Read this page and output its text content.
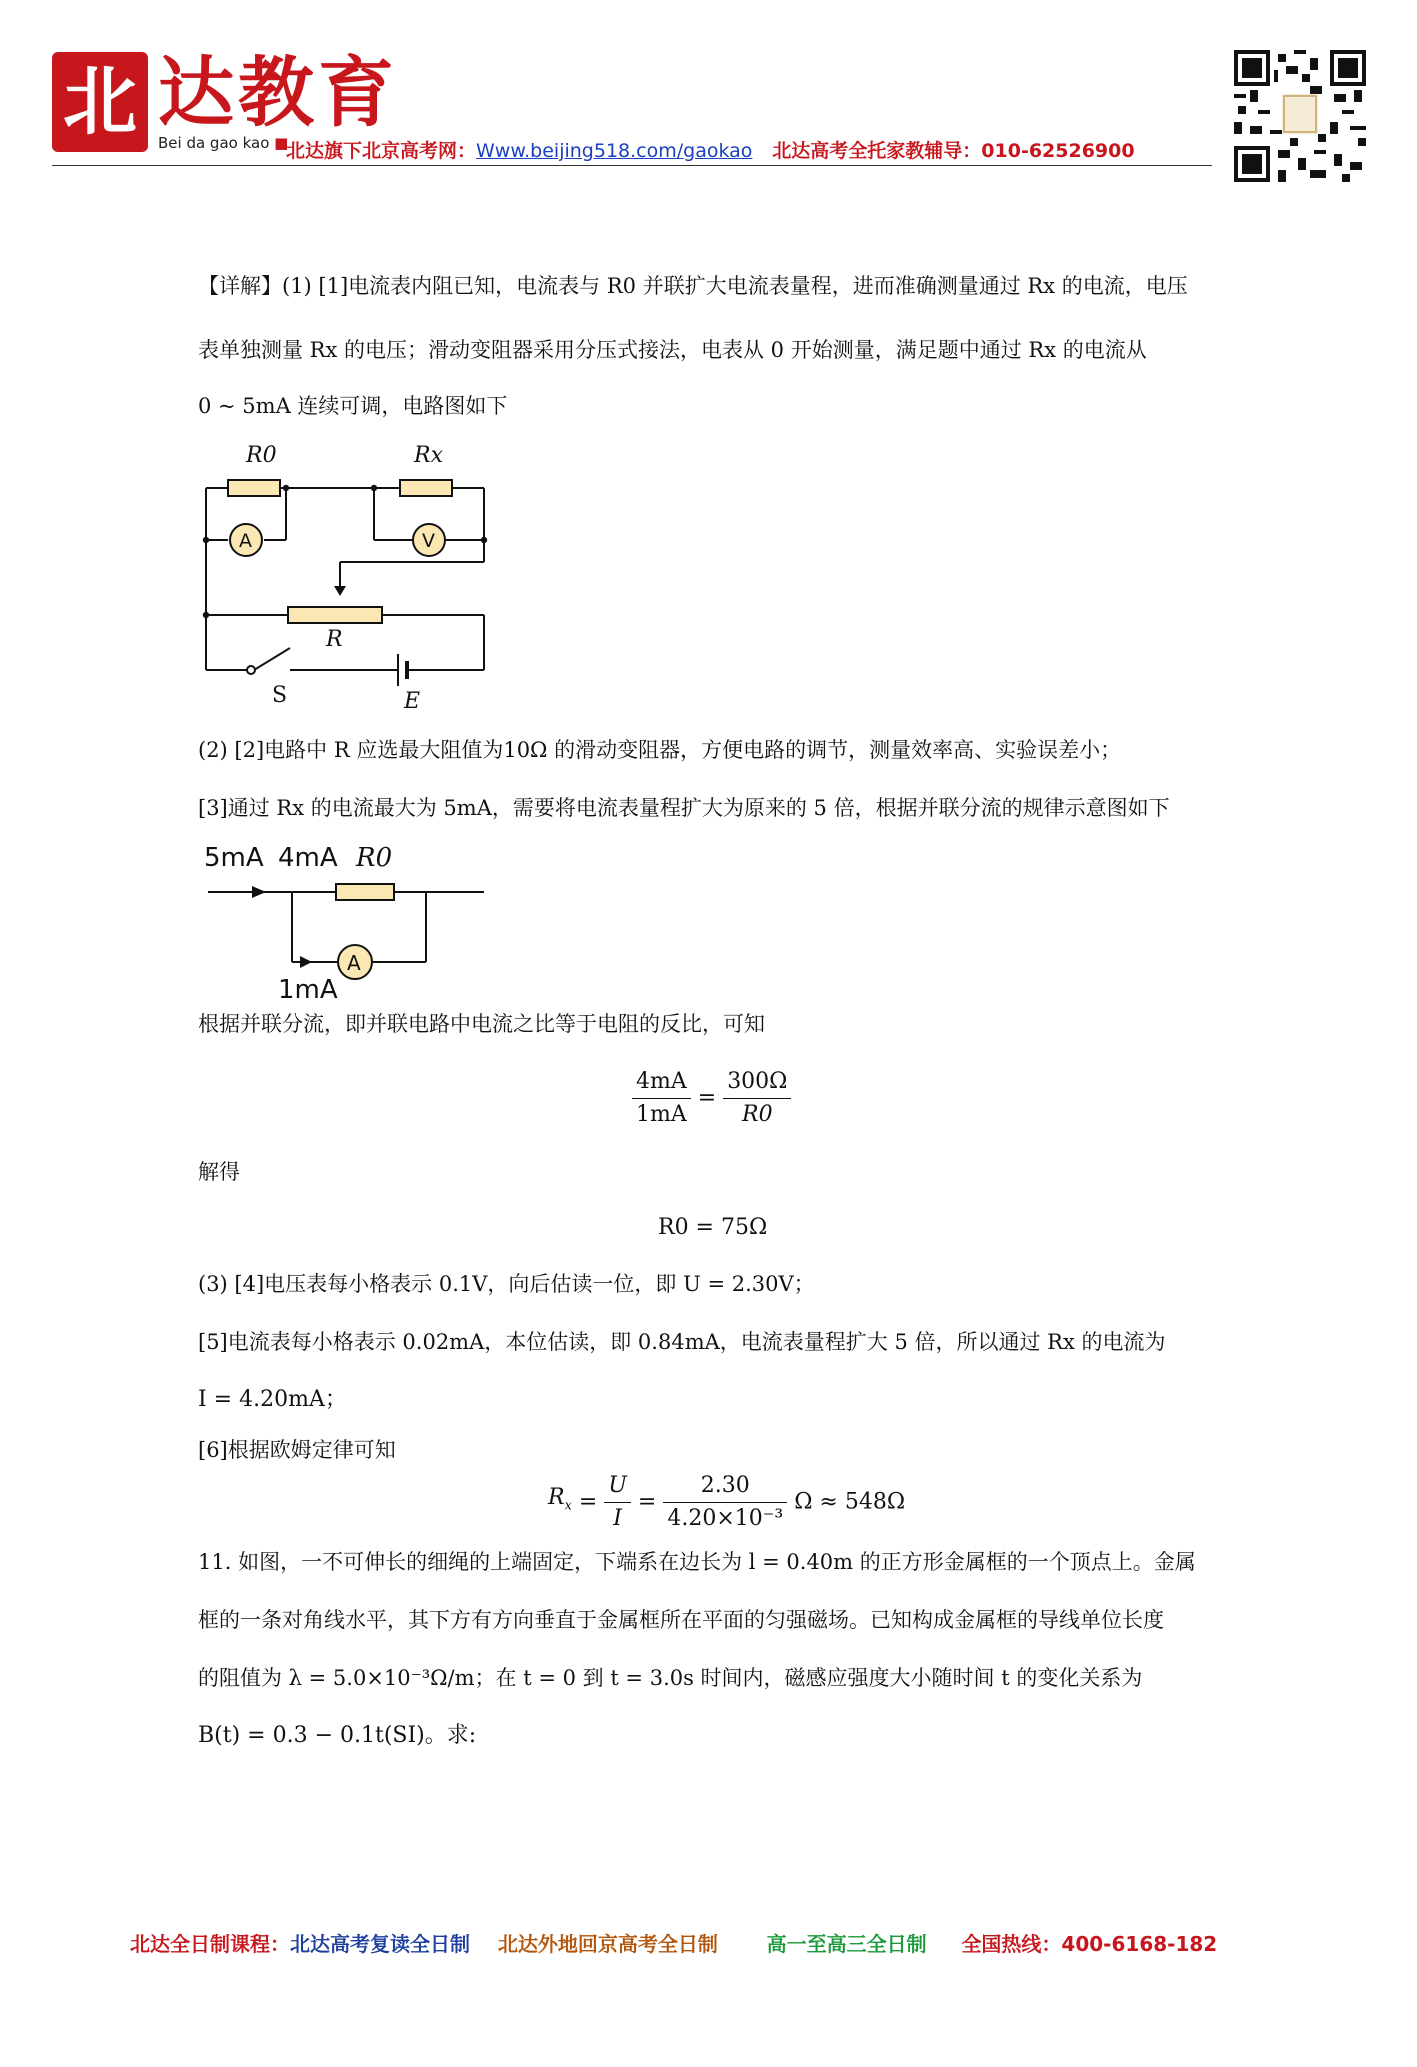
北 达教育
Bei da gao kao ■
北达旗下北京高考网：Www.beijing518.com/gaokao 北达高考全托家教辅导：010-62526900
【详解】(1) [1]电流表内阻已知，电流表与 R0 并联扩大电流表量程，进而准确测量通过 Rx 的电流，电压
表单独测量 Rx 的电压；滑动变阻器采用分压式接法，电表从 0 开始测量，满足题中通过 Rx 的电流从
0 ~ 5mA 连续可调，电路图如下
R0	Rx
A	V
R
S	E
(2) [2]电路中 R 应选最大阻值为10Ω 的滑动变阻器，方便电路的调节，测量效率高、实验误差小；
[3]通过 Rx 的电流最大为 5mA，需要将电流表量程扩大为原来的 5 倍，根据并联分流的规律示意图如下
5mA 4mA R0
1mA
A
根据并联分流，即并联电路中电流之比等于电阻的反比，可知
$\frac{4mA}{1mA} = \frac{300\Omega}{R0}$
解得
R0 = 75Ω
(3) [4]电压表每小格表示 0.1V，向后估读一位，即 U = 2.30V；
[5]电流表每小格表示 0.02mA，本位估读，即 0.84mA，电流表量程扩大 5 倍，所以通过 Rx 的电流为
I = 4.20mA；
[6]根据欧姆定律可知
$R_x = \frac{U}{I} = \frac{2.30}{\text{4.20×10⁻³}}$ Ω ≈ 548Ω
11. 如图，一不可伸长的细绳的上端固定，下端系在边长为 l = 0.40m 的正方形金属框的一个顶点上。金属
框的一条对角线水平，其下方有方向垂直于金属框所在平面的匀强磁场。已知构成金属框的导线单位长度
的阻值为 λ = 5.0×10⁻³Ω/m；在 t = 0 到 t = 3.0s 时间内，磁感应强度大小随时间 t 的变化关系为
B(t) = 0.3 − 0.1t(SI)。求:
北达全日制课程：北达高考复读全日制 北达外地回京高考全日制 高一至高三全日制 全国热线：400-6168-182
